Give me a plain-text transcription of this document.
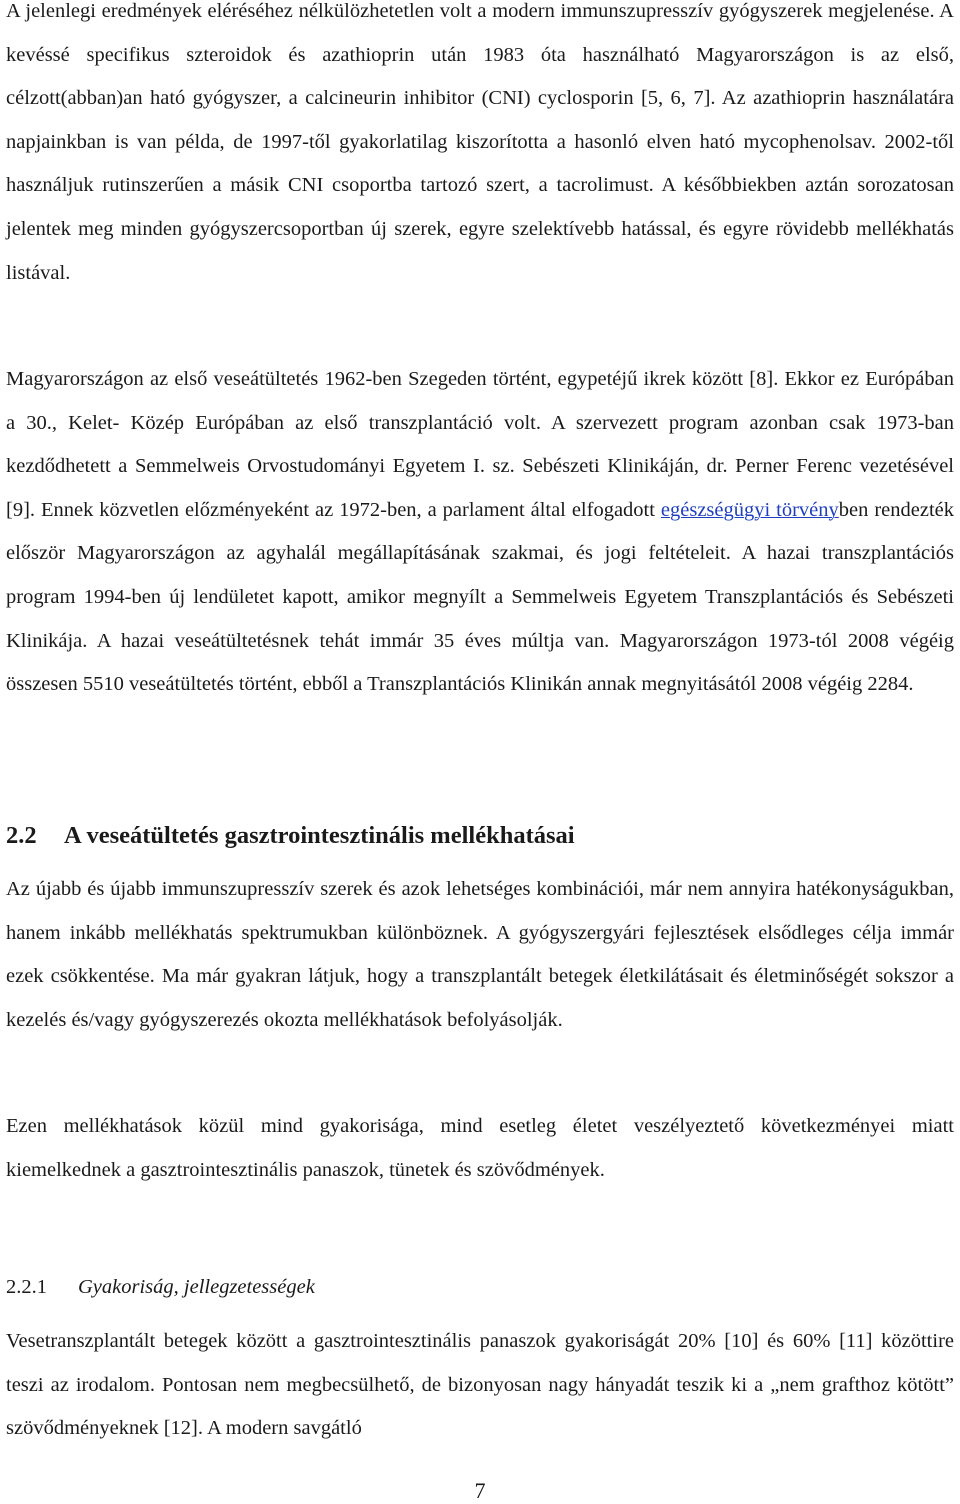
A jelenlegi eredmények eléréséhez nélkülözhetetlen volt a modern immunszupresszív gyógyszerek megjelenése. A kevéssé specifikus szteroidok és azathioprin után 1983 óta használható Magyarországon is az első, célzott(abban)an ható gyógyszer, a calcineurin inhibitor (CNI) cyclosporin [5, 6, 7]. Az azathioprin használatára napjainkban is van példa, de 1997-től gyakorlatilag kiszorította a hasonló elven ható mycophenolsav. 2002-től használjuk rutinszerűen a másik CNI csoportba tartozó szert, a tacrolimust. A későbbiekben aztán sorozatosan jelentek meg minden gyógyszercsoportban új szerek, egyre szelektívebb hatással, és egyre rövidebb mellékhatás listával.

Magyarországon az első veseátültetés 1962-ben Szegeden történt, egypetéjű ikrek között [8]. Ekkor ez Európában a 30., Kelet- Közép Európában az első transzplantáció volt. A szervezett program azonban csak 1973-ban kezdődhetett a Semmelweis Orvostudományi Egyetem I. sz. Sebészeti Klinikáján, dr. Perner Ferenc vezetésével [9]. Ennek közvetlen előzményeként az 1972-ben, a parlament által elfogadott egészségügyi törvényben rendezték először Magyarországon az agyhalál megállapításának szakmai, és jogi feltételeit. A hazai transzplantációs program 1994-ben új lendületet kapott, amikor megnyílt a Semmelweis Egyetem Transzplantációs és Sebészeti Klinikája. A hazai veseátültetésnek tehát immár 35 éves múltja van. Magyarországon 1973-tól 2008 végéig összesen 5510 veseátültetés történt, ebből a Transzplantációs Klinikán annak megnyitásától 2008 végéig 2284.

2.2 A veseátültetés gasztrointesztinális mellékhatásai

Az újabb és újabb immunszupresszív szerek és azok lehetséges kombinációi, már nem annyira hatékonyságukban, hanem inkább mellékhatás spektrumukban különböznek. A gyógyszergyári fejlesztések elsődleges célja immár ezek csökkentése. Ma már gyakran látjuk, hogy a transzplantált betegek életkilátásait és életminőségét sokszor a kezelés és/vagy gyógyszerezés okozta mellékhatások befolyásolják.

Ezen mellékhatások közül mind gyakorisága, mind esetleg életet veszélyeztető következményei miatt kiemelkednek a gasztrointesztinális panaszok, tünetek és szövődmények.

2.2.1 Gyakoriság, jellegzetességek

Vesetranszplantált betegek között a gasztrointesztinális panaszok gyakoriságát 20% [10] és 60% [11] közöttire teszi az irodalom. Pontosan nem megbecsülhető, de bizonyosan nagy hányadát teszik ki a „nem grafthoz kötött” szövődményeknek [12]. A modern savgátló

7
